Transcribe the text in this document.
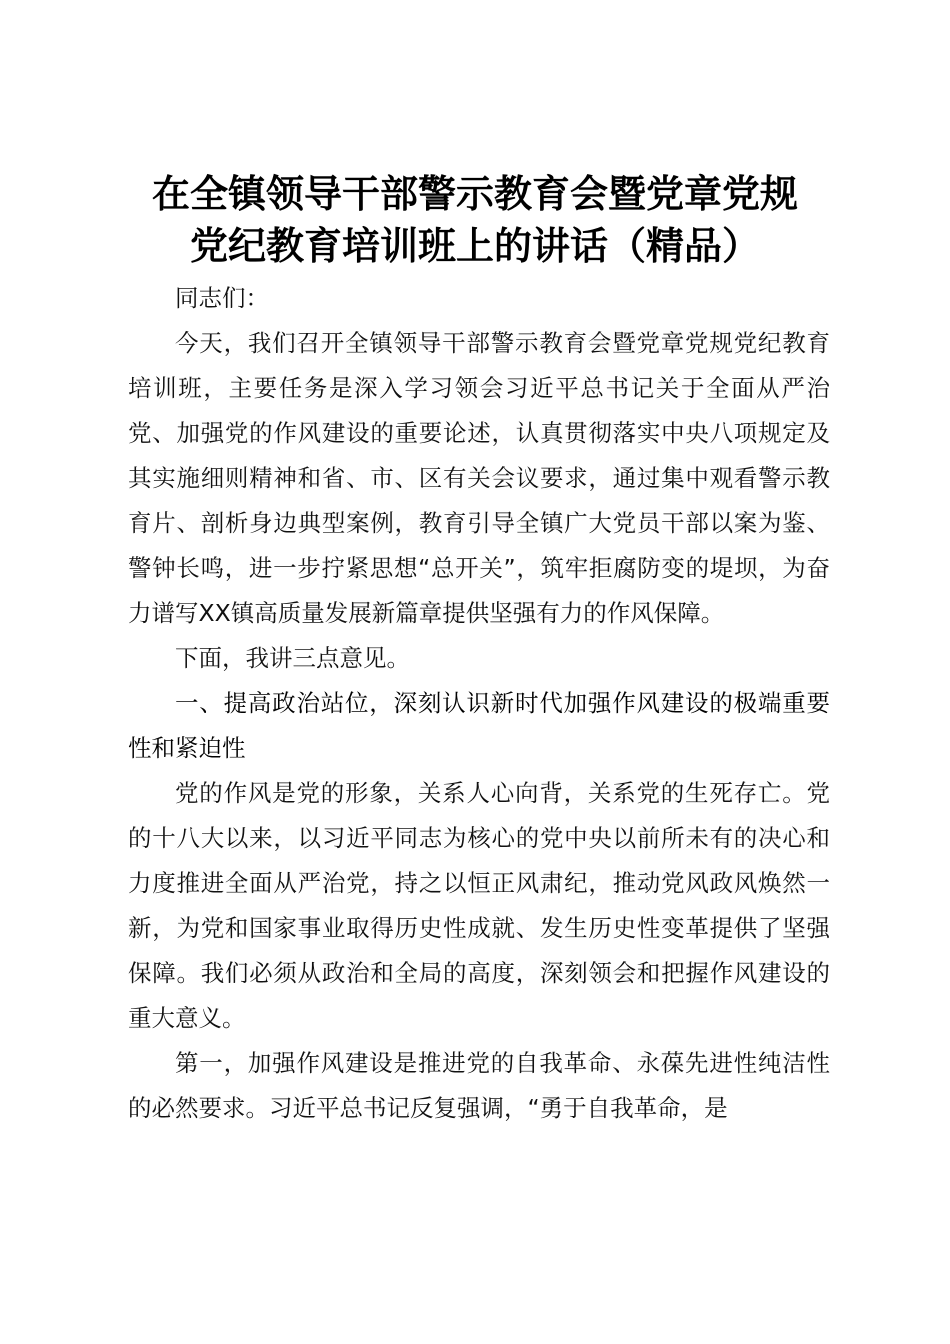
在全镇领导干部警示教育会暨党章党规
党纪教育培训班上的讲话（精品）

同志们：

今天，我们召开全镇领导干部警示教育会暨党章党规党纪教育培训班，主要任务是深入学习领会习近平总书记关于全面从严治党、加强党的作风建设的重要论述，认真贯彻落实中央八项规定及其实施细则精神和省、市、区有关会议要求，通过集中观看警示教育片、剖析身边典型案例，教育引导全镇广大党员干部以案为鉴、警钟长鸣，进一步拧紧思想“总开关”，筑牢拒腐防变的堤坝，为奋力谱写XX镇高质量发展新篇章提供坚强有力的作风保障。

下面，我讲三点意见。

一、提高政治站位，深刻认识新时代加强作风建设的极端重要性和紧迫性

党的作风是党的形象，关系人心向背，关系党的生死存亡。党的十八大以来，以习近平同志为核心的党中央以前所未有的决心和力度推进全面从严治党，持之以恒正风肃纪，推动党风政风焕然一新，为党和国家事业取得历史性成就、发生历史性变革提供了坚强保障。我们必须从政治和全局的高度，深刻领会和把握作风建设的重大意义。

第一，加强作风建设是推进党的自我革命、永葆先进性纯洁性的必然要求。习近平总书记反复强调，“勇于自我革命，是
